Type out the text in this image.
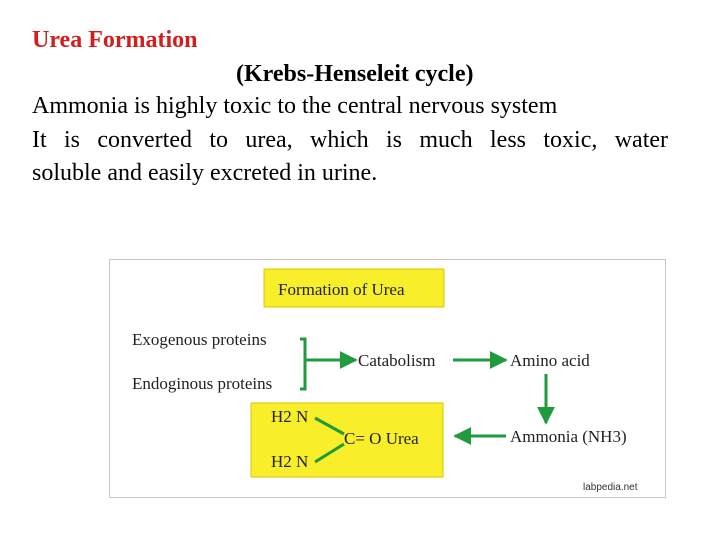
Urea Formation
(Krebs-Henseleit cycle)

Ammonia is highly toxic to the central nervous system

It is converted to urea, which is much less toxic, water

soluble and easily excreted in urine.

Formation of Urea
Exogenous proteins
Endoginous proteins
Catabolism	Amino acid
Ammonia (NH3)
H2 N
H2 N
C= O Urea
labpedia.net
